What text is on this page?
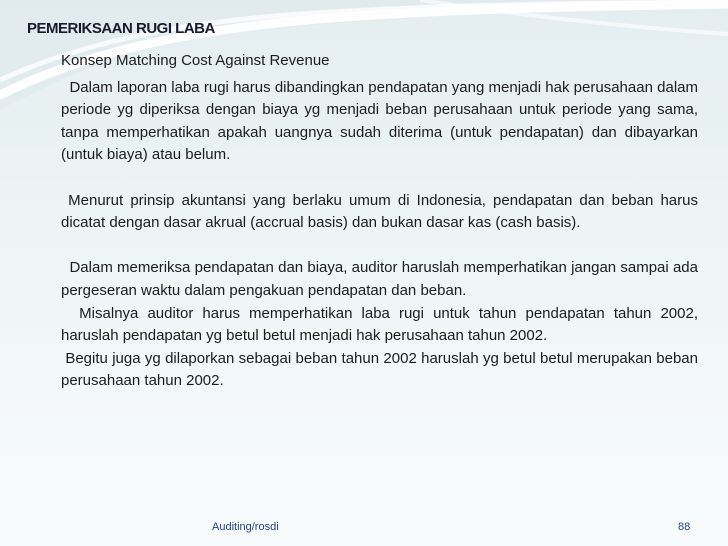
PEMERIKSAAN RUGI LABA

Konsep Matching Cost Against Revenue

Dalam laporan laba rugi harus dibandingkan pendapatan yang menjadi hak perusahaan dalam periode yg diperiksa dengan biaya yg menjadi beban perusahaan untuk periode yang sama, tanpa memperhatikan apakah uangnya sudah diterima (untuk pendapatan) dan dibayarkan (untuk biaya) atau belum.

Menurut prinsip akuntansi yang berlaku umum di Indonesia, pendapatan dan beban harus dicatat dengan dasar akrual (accrual basis) dan bukan dasar kas (cash basis).

Dalam memeriksa pendapatan dan biaya, auditor haruslah memperhatikan jangan sampai ada pergeseran waktu dalam pengakuan pendapatan dan beban.

Misalnya auditor harus memperhatikan laba rugi untuk tahun pendapatan tahun 2002, haruslah pendapatan yg betul betul menjadi hak perusahaan tahun 2002.

Begitu juga yg dilaporkan sebagai beban tahun 2002 haruslah yg betul betul merupakan beban perusahaan tahun 2002.

Auditing/rosdi	88
